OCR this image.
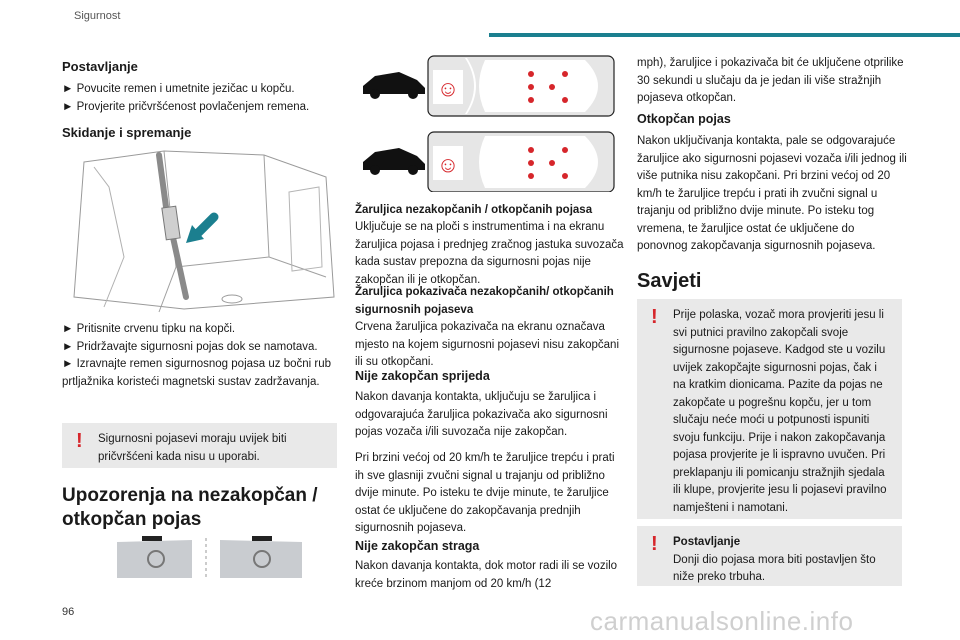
Sigurnost
Postavljanje
► Povucite remen i umetnite jezičac u kopču.
► Provjerite pričvršćenost povlačenjem remena.
Skidanje i spremanje
► Pritisnite crvenu tipku na kopči.
► Pridržavajte sigurnosni pojas dok se namotava.
► Izravnajte remen sigurnosnog pojasa uz bočni rub prtljažnika koristeći magnetski sustav zadržavanja.
! Sigurnosni pojasevi moraju uvijek biti pričvršćeni kada nisu u uporabi.
Upozorenja na nezakopčan / otkopčan pojas
96
☺
☺
Žaruljica nezakopčanih / otkopčanih pojasa
Uključuje se na ploči s instrumentima i na ekranu žaruljica pojasa i prednjeg zračnog jastuka suvozača kada sustav prepozna da sigurnosni pojas nije zakopčan ili je otkopčan.
Žaruljica pokazivača nezakopčanih/ otkopčanih sigurnosnih pojaseva
Crvena žaruljica pokazivača na ekranu označava mjesto na kojem sigurnosni pojasevi nisu zakopčani ili su otkopčani.
Nije zakopčan sprijeda
Nakon davanja kontakta, uključuju se žaruljica i odgovarajuća žaruljica pokazivača ako sigurnosni pojas vozača i/ili suvozača nije zakopčan.
Pri brzini većoj od 20 km/h te žaruljice trepću i prati ih sve glasniji zvučni signal u trajanju od približno dvije minute. Po isteku te dvije minute, te žaruljice ostat će uključene do zakopčavanja prednjih sigurnosnih pojaseva.
Nije zakopčan straga
Nakon davanja kontakta, dok motor radi ili se vozilo kreće brzinom manjom od 20 km/h (12
mph), žaruljice i pokazivača bit će uključene otprilike 30 sekundi u slučaju da je jedan ili više stražnjih pojaseva otkopčan.
Otkopčan pojas
Nakon uključivanja kontakta, pale se odgovarajuće žaruljice ako sigurnosni pojasevi vozača i/ili jednog ili više putnika nisu zakopčani. Pri brzini većoj od 20 km/h te žaruljice trepću i prati ih zvučni signal u trajanju od približno dvije minute. Po isteku tog vremena, te žaruljice ostat će uključene do ponovnog zakopčavanja sigurnosnih pojaseva.
Savjeti
! Prije polaska, vozač mora provjeriti jesu li svi putnici pravilno zakopčali svoje sigurnosne pojaseve. Kadgod ste u vozilu uvijek zakopčajte sigurnosni pojas, čak i na kratkim dionicama. Pazite da pojas ne zakopčate u pogrešnu kopču, jer u tom slučaju neće moći u potpunosti ispuniti svoju funkciju. Prije i nakon zakopčavanja pojasa provjerite je li ispravno uvučen. Pri preklapanju ili pomicanju stražnjih sjedala ili klupe, provjerite jesu li pojasevi pravilno namješteni i namotani.
! Postavljanje
Donji dio pojasa mora biti postavljen što niže preko trbuha.
carmanualsonline.info
